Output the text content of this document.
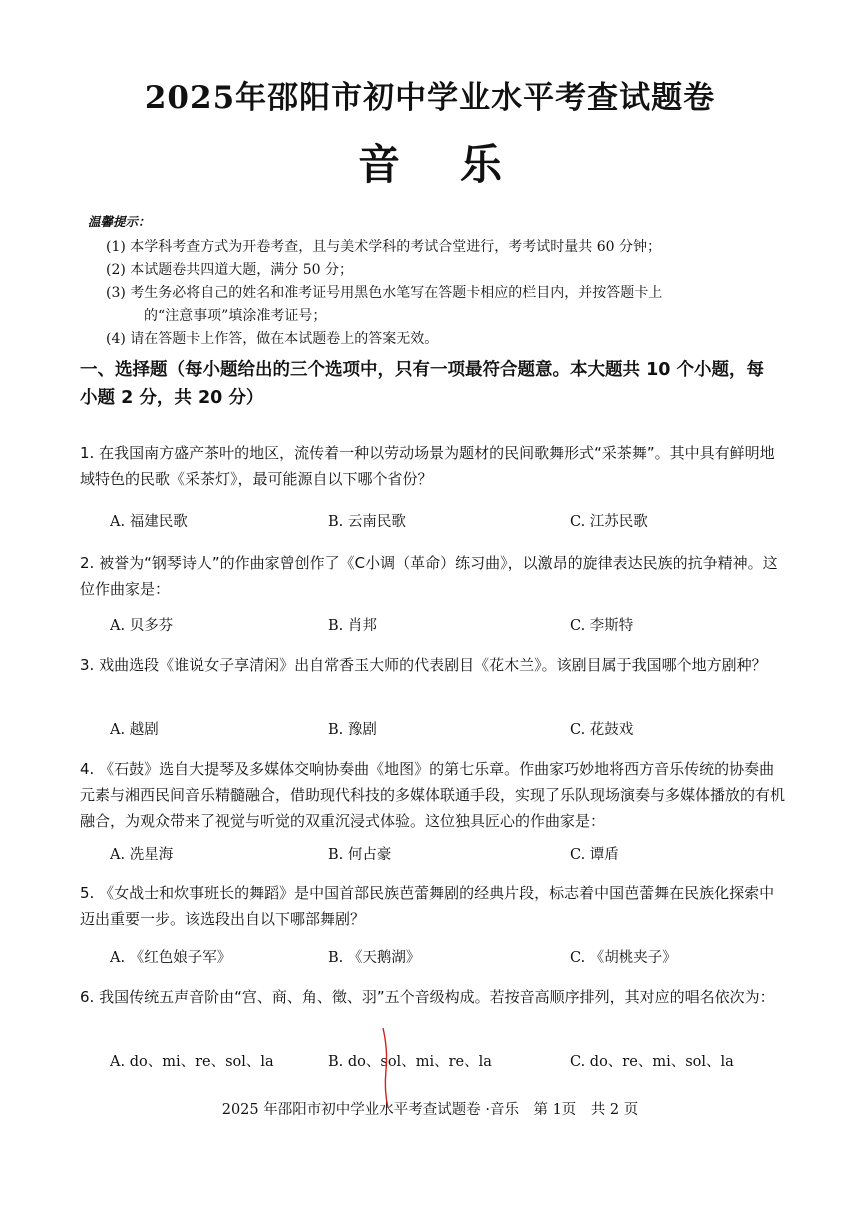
2025年邵阳市初中学业水平考查试题卷
音乐
温馨提示：

(1) 本学科考查方式为开卷考查，且与美术学科的考试合堂进行，考考试时量共 60 分钟；

(2) 本试题卷共四道大题，满分 50 分；

(3) 考生务必将自己的姓名和准考证号用黑色水笔写在答题卡相应的栏目内，并按答题卡上

的“注意事项”填涂准考证号；

(4) 请在答题卡上作答，做在本试题卷上的答案无效。

一、选择题（每小题给出的三个选项中，只有一项最符合题意。本大题共 10 个小题，每小题 2 分，共 20 分）
1. 在我国南方盛产茶叶的地区，流传着一种以劳动场景为题材的民间歌舞形式“采茶舞”。其中具有鲜明地域特色的民歌《采茶灯》，最可能源自以下哪个省份？
A. 福建民歌	B. 云南民歌	C. 江苏民歌
2. 被誉为“钢琴诗人”的作曲家曾创作了《C小调（革命）练习曲》，以激昂的旋律表达民族的抗争精神。这位作曲家是：
A. 贝多芬	B. 肖邦	C. 李斯特
3. 戏曲选段《谁说女子享清闲》出自常香玉大师的代表剧目《花木兰》。该剧目属于我国哪个地方剧种？
A. 越剧	B. 豫剧	C. 花鼓戏
4. 《石鼓》选自大提琴及多媒体交响协奏曲《地图》的第七乐章。作曲家巧妙地将西方音乐传统的协奏曲元素与湘西民间音乐精髓融合，借助现代科技的多媒体联通手段，实现了乐队现场演奏与多媒体播放的有机融合，为观众带来了视觉与听觉的双重沉浸式体验。这位独具匠心的作曲家是：
A. 冼星海	B. 何占豪	C. 谭盾
5. 《女战士和炊事班长的舞蹈》是中国首部民族芭蕾舞剧的经典片段，标志着中国芭蕾舞在民族化探索中迈出重要一步。该选段出自以下哪部舞剧？
A. 《红色娘子军》	B. 《天鹅湖》	C. 《胡桃夹子》
6. 我国传统五声音阶由“宫、商、角、徵、羽”五个音级构成。若按音高顺序排列，其对应的唱名依次为：
A. do、mi、re、sol、la	B. do、sol、mi、re、la	C. do、re、mi、sol、la
2025 年邵阳市初中学业水平考查试题卷 ·音乐　第 1页　共 2 页
